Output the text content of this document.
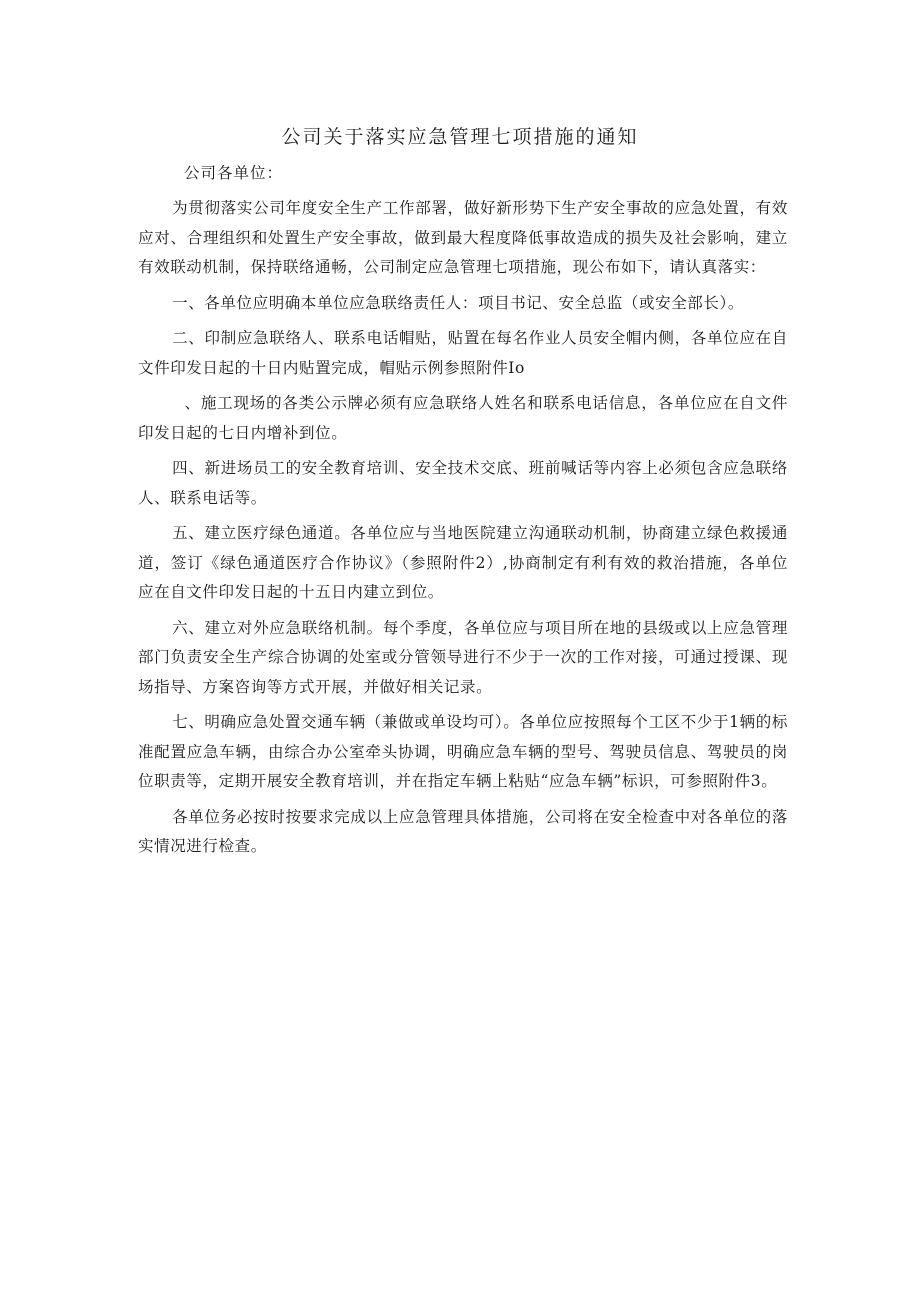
公司关于落实应急管理七项措施的通知
公司各单位：

为贯彻落实公司年度安全生产工作部署，做好新形势下生产安全事故的应急处置，有效应对、合理组织和处置生产安全事故，做到最大程度降低事故造成的损失及社会影响，建立有效联动机制，保持联络通畅，公司制定应急管理七项措施，现公布如下，请认真落实：

一、各单位应明确本单位应急联络责任人：项目书记、安全总监（或安全部长）。

二、印制应急联络人、联系电话帽贴，贴置在每名作业人员安全帽内侧，各单位应在自文件印发日起的十日内贴置完成，帽贴示例参照附件Io

、施工现场的各类公示牌必须有应急联络人姓名和联系电话信息，各单位应在自文件印发日起的七日内增补到位。

四、新进场员工的安全教育培训、安全技术交底、班前喊话等内容上必须包含应急联络人、联系电话等。

五、建立医疗绿色通道。各单位应与当地医院建立沟通联动机制，协商建立绿色救援通道，签订《绿色通道医疗合作协议》（参照附件2）,协商制定有利有效的救治措施，各单位应在自文件印发日起的十五日内建立到位。

六、建立对外应急联络机制。每个季度，各单位应与项目所在地的县级或以上应急管理部门负责安全生产综合协调的处室或分管领导进行不少于一次的工作对接，可通过授课、现场指导、方案咨询等方式开展，并做好相关记录。

七、明确应急处置交通车辆（兼做或单设均可）。各单位应按照每个工区不少于1辆的标准配置应急车辆，由综合办公室牵头协调，明确应急车辆的型号、驾驶员信息、驾驶员的岗位职责等，定期开展安全教育培训，并在指定车辆上粘贴“应急车辆”标识，可参照附件3。

各单位务必按时按要求完成以上应急管理具体措施，公司将在安全检查中对各单位的落实情况进行检查。
